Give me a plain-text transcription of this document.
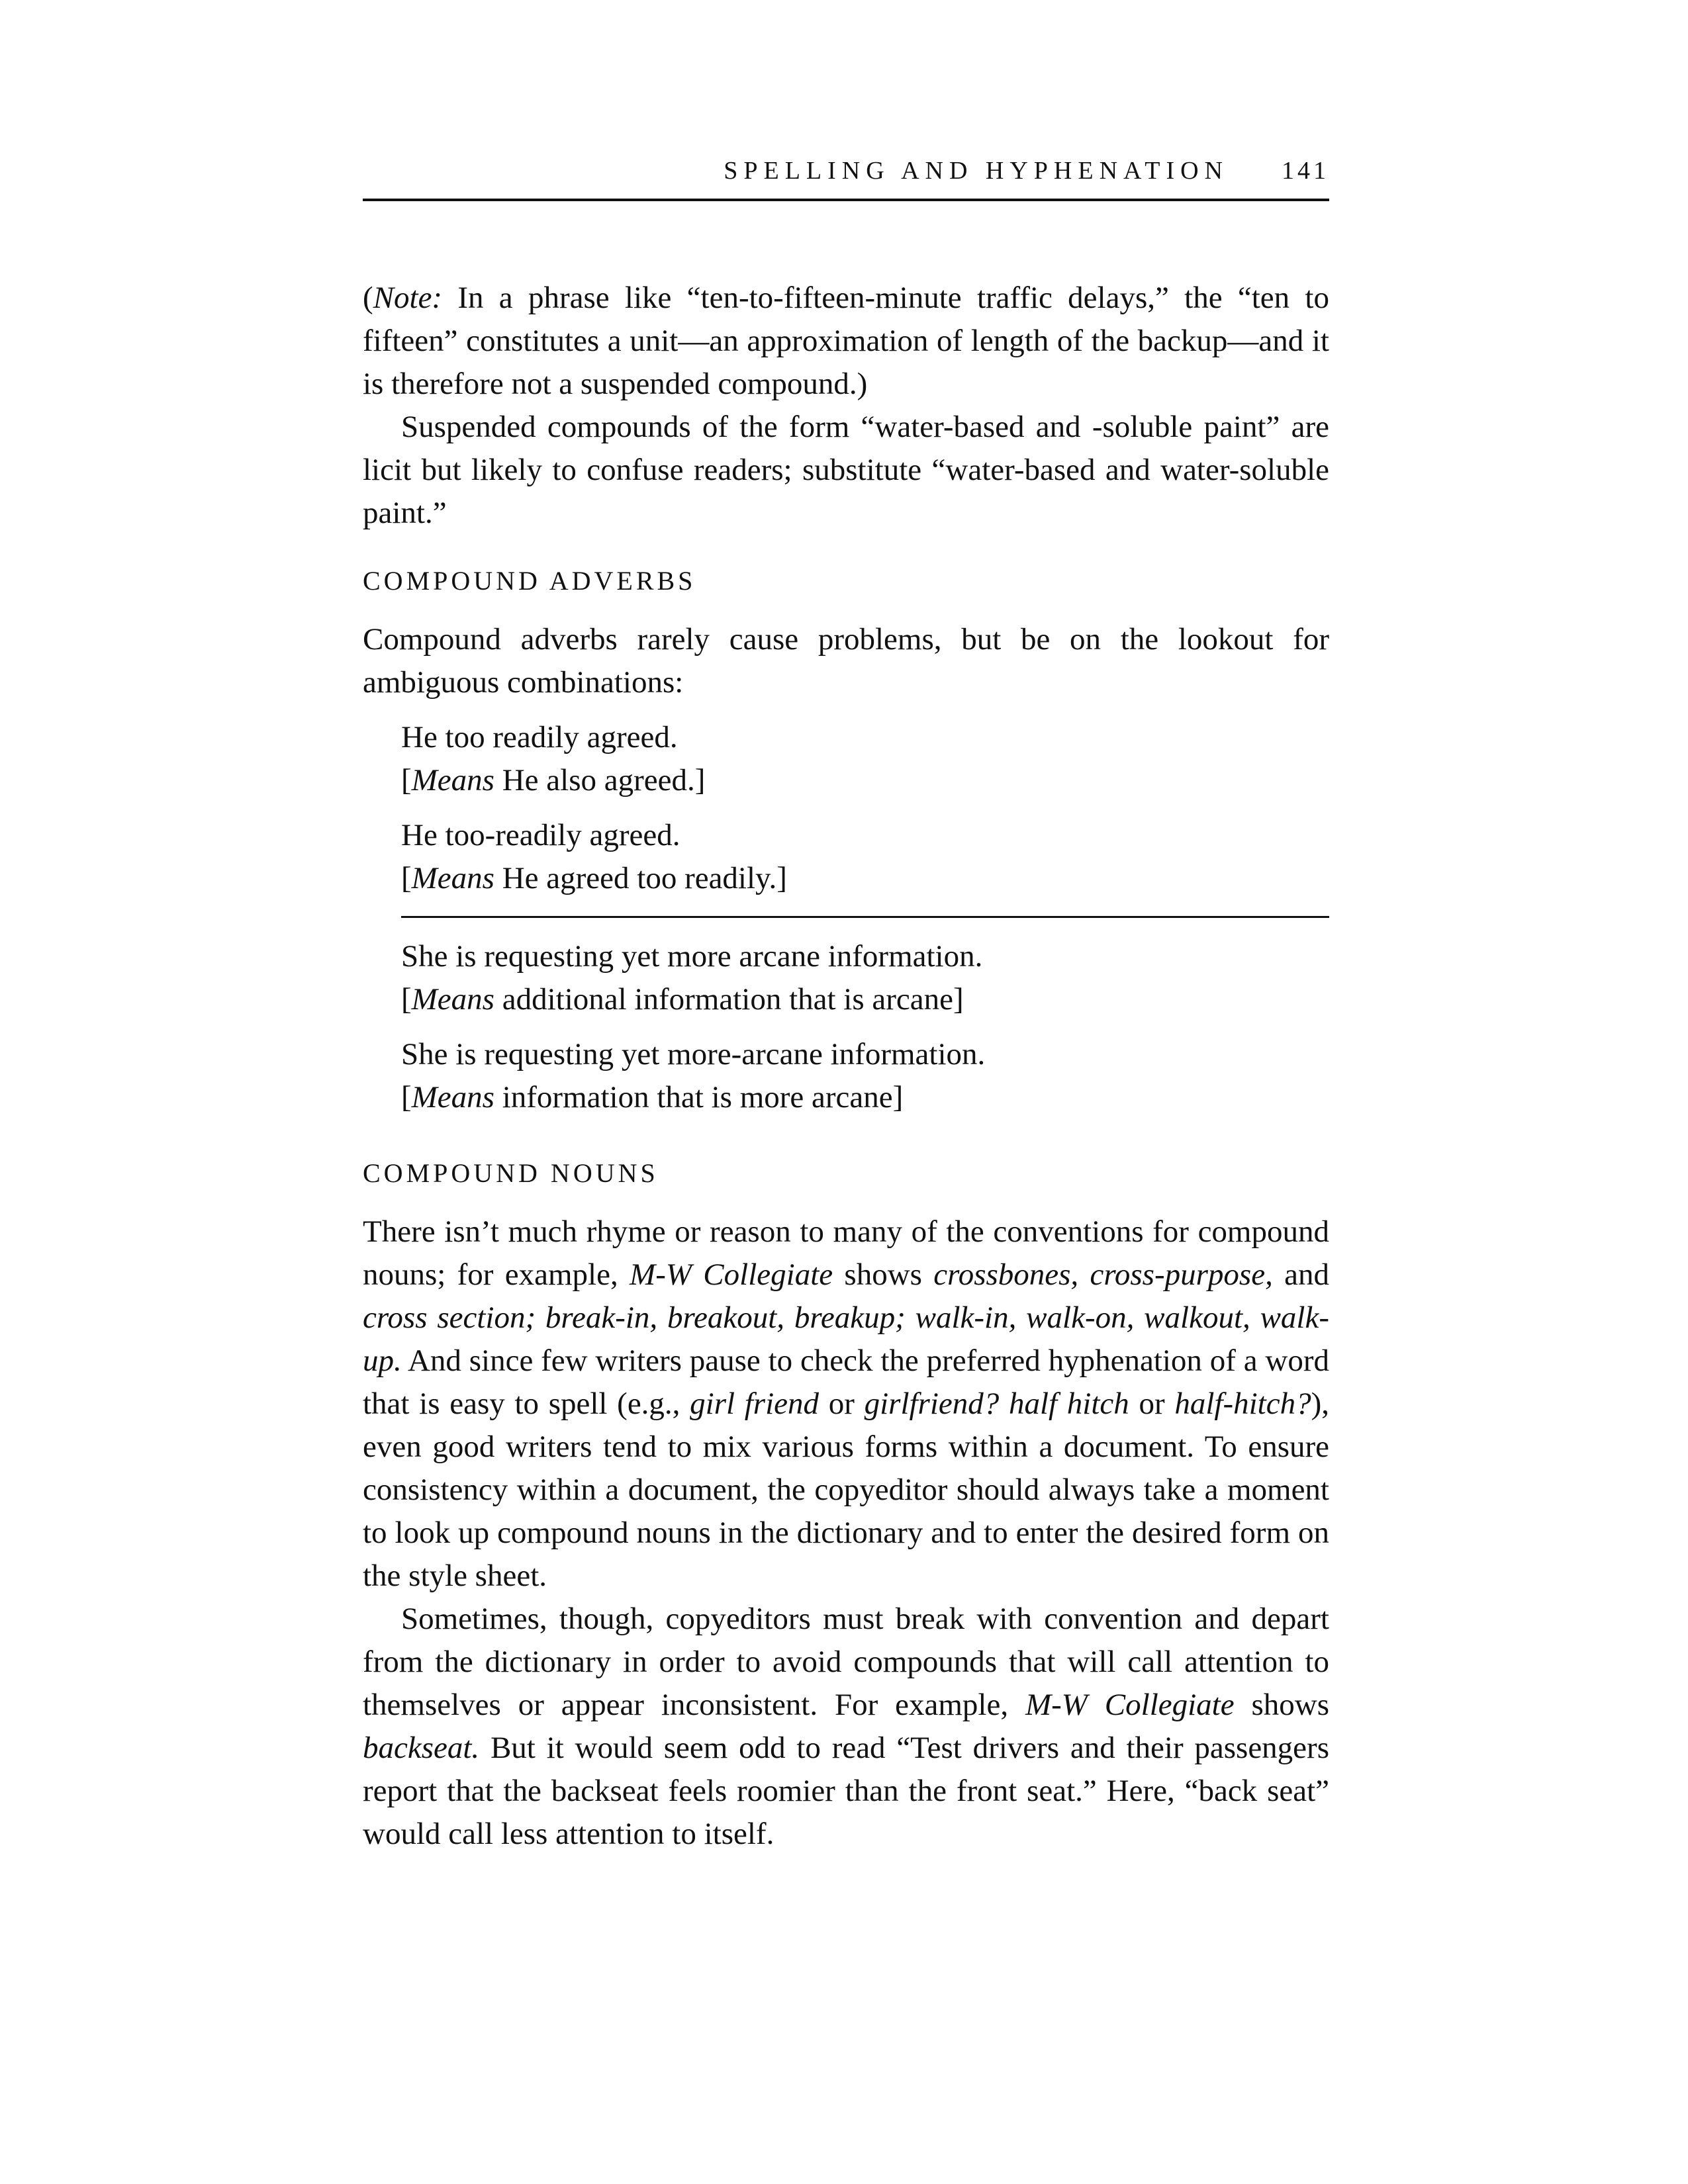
SPELLING AND HYPHENATION 141

(Note: In a phrase like “ten-to-fifteen-minute traffic delays,” the “ten to fifteen” constitutes a unit—an approximation of length of the backup—and it is therefore not a suspended compound.)

Suspended compounds of the form “water-based and -soluble paint” are licit but likely to confuse readers; substitute “water-based and water-soluble paint.”

COMPOUND ADVERBS

Compound adverbs rarely cause problems, but be on the lookout for ambiguous combinations:

He too readily agreed.

[Means He also agreed.]

He too-readily agreed.

[Means He agreed too readily.]

She is requesting yet more arcane information.

[Means additional information that is arcane]

She is requesting yet more-arcane information.

[Means information that is more arcane]

COMPOUND NOUNS

There isn’t much rhyme or reason to many of the conventions for compound nouns; for example, M-W Collegiate shows crossbones, cross-purpose, and cross section; break-in, breakout, breakup; walk-in, walk-on, walkout, walk-up. And since few writers pause to check the preferred hyphenation of a word that is easy to spell (e.g., girl friend or girlfriend? half hitch or half-hitch?), even good writers tend to mix various forms within a document. To ensure consistency within a document, the copyeditor should always take a moment to look up compound nouns in the dictionary and to enter the desired form on the style sheet.

Sometimes, though, copyeditors must break with convention and depart from the dictionary in order to avoid compounds that will call attention to themselves or appear inconsistent. For example, M-W Collegiate shows backseat. But it would seem odd to read “Test drivers and their passengers report that the backseat feels roomier than the front seat.” Here, “back seat” would call less attention to itself.
